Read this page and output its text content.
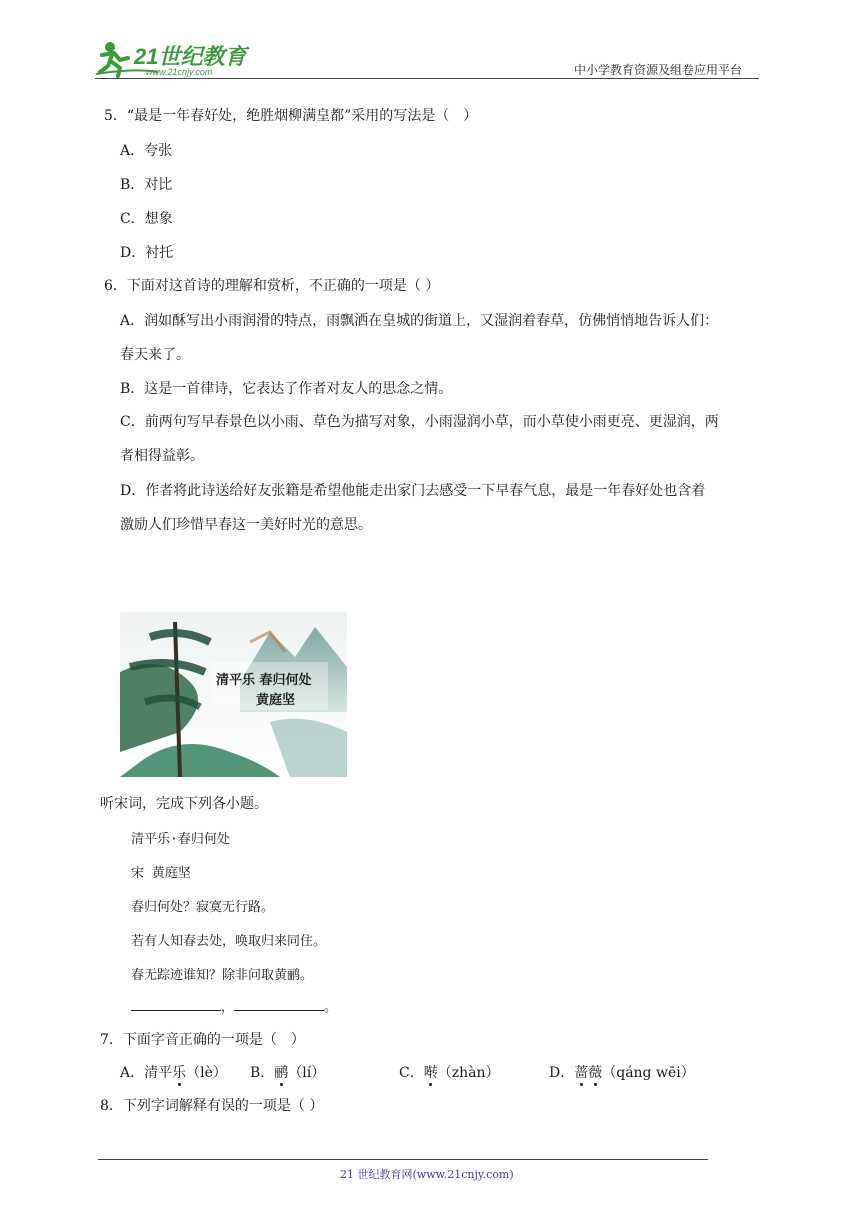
21世纪教育
www.21cnjy.com	中小学教育资源及组卷应用平台
5．“最是一年春好处，绝胜烟柳满皇都”采用的写法是（　）
A．夸张
B．对比
C．想象
D．衬托
6．下面对这首诗的理解和赏析，不正确的一项是（ ）
A．润如酥写出小雨润滑的特点，雨飘洒在皇城的街道上，又湿润着春草，仿佛悄悄地告诉人们：
春天来了。
B．这是一首律诗，它表达了作者对友人的思念之情。
C．前两句写早春景色以小雨、草色为描写对象，小雨湿润小草，而小草使小雨更亮、更湿润，两
者相得益彰。
D．作者将此诗送给好友张籍是希望他能走出家门去感受一下早春气息，最是一年春好处也含着
激励人们珍惜早春这一美好时光的意思。
清平乐 春归何处
黄庭坚
听宋词，完成下列各小题。
清平乐·春归何处
宋 黄庭坚
春归何处？寂寞无行路。
若有人知春去处，唤取归来同住。
春无踪迹谁知？除非问取黄鹂。
，	。
7．下面字音正确的一项是（　）
A．清平乐（lè） B．鹂（lí）	C．啭（zhàn）	D．蔷薇（qáng wēi）
8．下列字词解释有误的一项是（ ）
21 世纪教育网(www.21cnjy.com)
